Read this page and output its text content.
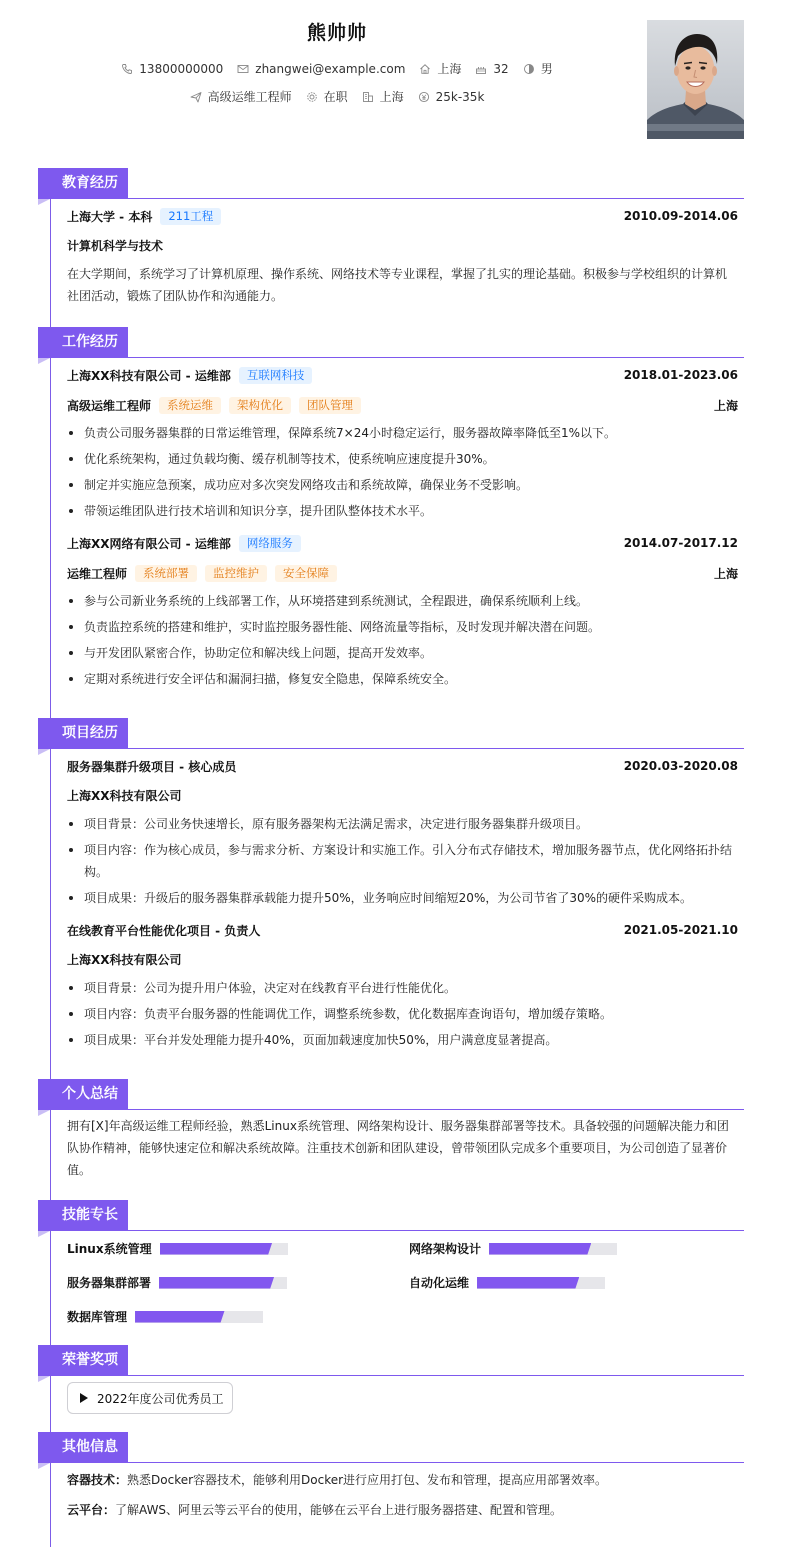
熊帅帅
13800000000	zhangwei@example.com	上海	32	男
高级运维工程师	在职	上海	25k-35k
教育经历
上海大学 - 本科	211工程	2010.09-2014.06
计算机科学与技术
在大学期间，系统学习了计算机原理、操作系统、网络技术等专业课程，掌握了扎实的理论基础。积极参与学校组织的计算机社团活动，锻炼了团队协作和沟通能力。
工作经历
上海XX科技有限公司 - 运维部	互联网科技	2018.01-2023.06
高级运维工程师	系统运维	架构优化	团队管理	上海
负责公司服务器集群的日常运维管理，保障系统7×24小时稳定运行，服务器故障率降低至1%以下。
优化系统架构，通过负载均衡、缓存机制等技术，使系统响应速度提升30%。
制定并实施应急预案，成功应对多次突发网络攻击和系统故障，确保业务不受影响。
带领运维团队进行技术培训和知识分享，提升团队整体技术水平。
上海XX网络有限公司 - 运维部	网络服务	2014.07-2017.12
运维工程师	系统部署	监控维护	安全保障	上海
参与公司新业务系统的上线部署工作，从环境搭建到系统测试，全程跟进，确保系统顺利上线。
负责监控系统的搭建和维护，实时监控服务器性能、网络流量等指标，及时发现并解决潜在问题。
与开发团队紧密合作，协助定位和解决线上问题，提高开发效率。
定期对系统进行安全评估和漏洞扫描，修复安全隐患，保障系统安全。
项目经历
服务器集群升级项目 - 核心成员	2020.03-2020.08
上海XX科技有限公司
项目背景：公司业务快速增长，原有服务器架构无法满足需求，决定进行服务器集群升级项目。
项目内容：作为核心成员，参与需求分析、方案设计和实施工作。引入分布式存储技术，增加服务器节点，优化网络拓扑结构。
项目成果：升级后的服务器集群承载能力提升50%，业务响应时间缩短20%，为公司节省了30%的硬件采购成本。
在线教育平台性能优化项目 - 负责人	2021.05-2021.10
上海XX科技有限公司
项目背景：公司为提升用户体验，决定对在线教育平台进行性能优化。
项目内容：负责平台服务器的性能调优工作，调整系统参数，优化数据库查询语句，增加缓存策略。
项目成果：平台并发处理能力提升40%，页面加载速度加快50%，用户满意度显著提高。
个人总结
拥有[X]年高级运维工程师经验，熟悉Linux系统管理、网络架构设计、服务器集群部署等技术。具备较强的问题解决能力和团队协作精神，能够快速定位和解决系统故障。注重技术创新和团队建设，曾带领团队完成多个重要项目，为公司创造了显著价值。
技能专长
Linux系统管理	网络架构设计
服务器集群部署	自动化运维
数据库管理
荣誉奖项
2022年度公司优秀员工
其他信息
容器技术：熟悉Docker容器技术，能够利用Docker进行应用打包、发布和管理，提高应用部署效率。
云平台：了解AWS、阿里云等云平台的使用，能够在云平台上进行服务器搭建、配置和管理。
